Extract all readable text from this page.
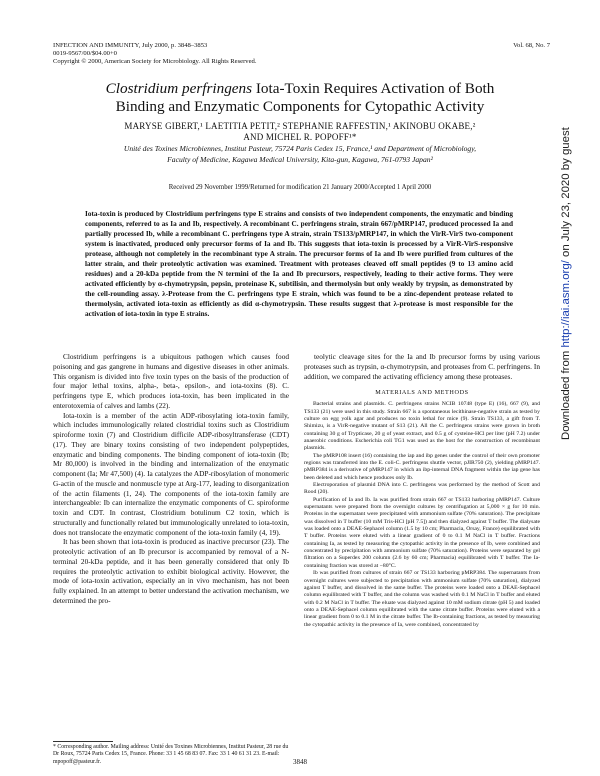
INFECTION AND IMMUNITY, July 2000, p. 3848–3853
0019-9567/00/$04.00+0
Copyright © 2000, American Society for Microbiology. All Rights Reserved.
Vol. 68, No. 7
Clostridium perfringens Iota-Toxin Requires Activation of Both
Binding and Enzymatic Components for Cytopathic Activity
MARYSE GIBERT,¹ LAETITIA PETIT,² STEPHANIE RAFFESTIN,¹ AKINOBU OKABE,²
AND MICHEL R. POPOFF¹*
Unité des Toxines Microbiennes, Institut Pasteur, 75724 Paris Cedex 15, France,¹ and Department of Microbiology,
Faculty of Medicine, Kagawa Medical University, Kita-gun, Kagawa, 761-0793 Japan²
Received 29 November 1999/Returned for modification 21 January 2000/Accepted 1 April 2000
Iota-toxin is produced by Clostridium perfringens type E strains and consists of two independent components, the enzymatic and binding components, referred to as Ia and Ib, respectively. A recombinant C. perfringens strain, strain 667/pMRP147, produced processed Ia and partially processed Ib, while a recombinant C. perfringens type A strain, strain TS133/pMRP147, in which the VirR-VirS two-component system is inactivated, produced only precursor forms of Ia and Ib. This suggests that iota-toxin is processed by a VirR-VirS-responsive protease, although not completely in the recombinant type A strain. The precursor forms of Ia and Ib were purified from cultures of the latter strain, and their proteolytic activation was examined. Treatment with proteases cleaved off small peptides (9 to 13 amino acid residues) and a 20-kDa peptide from the N termini of the Ia and Ib precursors, respectively, leading to their active forms. They were activated efficiently by α-chymotrypsin, pepsin, proteinase K, subtilisin, and thermolysin but only weakly by trypsin, as demonstrated by the cell-rounding assay. λ-Protease from the C. perfringens type E strain, which was found to be a zinc-dependent protease related to thermolysin, activated iota-toxin as efficiently as did α-chymotrypsin. These results suggest that λ-protease is most responsible for the activation of iota-toxin in type E strains.

Clostridium perfringens is a ubiquitous pathogen which causes food poisoning and gas gangrene in humans and digestive diseases in other animals. This organism is divided into five toxin types on the basis of the production of four major lethal toxins, alpha-, beta-, epsilon-, and iota-toxins (8). C. perfringens type E, which produces iota-toxin, has been implicated in the enterotoxemia of calves and lambs (22).

Iota-toxin is a member of the actin ADP-ribosylating iota-toxin family, which includes immunologically related clostridial toxins such as Clostridium spiroforme toxin (7) and Clostridium difficile ADP-ribosyltransferase (CDT) (17). They are binary toxins consisting of two independent polypeptides, enzymatic and binding components. The binding component of iota-toxin (Ib; Mr 80,000) is involved in the binding and internalization of the enzymatic component (Ia; Mr 47,500) (4). Ia catalyzes the ADP-ribosylation of monomeric G-actin of the muscle and nonmuscle type at Arg-177, leading to disorganization of the actin filaments (1, 24). The components of the iota-toxin family are interchangeable: Ib can internalize the enzymatic components of C. spiroforme toxin and CDT. In contrast, Clostridium botulinum C2 toxin, which is structurally and functionally related but immunologically unrelated to iota-toxin, does not translocate the enzymatic component of the iota-toxin family (4, 19).

It has been shown that iota-toxin is produced as inactive precursor (23). The proteolytic activation of an Ib precursor is accompanied by removal of a N-terminal 20-kDa peptide, and it has been generally considered that only Ib requires the proteolytic activation to exhibit biological activity. However, the mode of iota-toxin activation, especially an in vivo mechanism, has not been fully explained. In an attempt to better understand the activation mechanism, we determined the pro-

teolytic cleavage sites for the Ia and Ib precursor forms by using various proteases such as trypsin, α-chymotrypsin, and proteases from C. perfringens. In addition, we compared the activating efficiency among these proteases.

MATERIALS AND METHODS

Bacterial strains and plasmids. C. perfringens strains NCIB 10748 (type E) (16), 667 (9), and TS133 (21) were used in this study. Strain 667 is a spontaneous lecithinase-negative strain as tested by culture on egg yolk agar and produces no toxin lethal for mice (9). Strain TS133, a gift from T. Shimizu, is a VirR-negative mutant of S13 (21). All the C. perfringens strains were grown in broth containing 30 g of Trypticase, 20 g of yeast extract, and 0.5 g of cysteine-HCl per liter (pH 7.2) under anaerobic conditions. Escherichia coli TG1 was used as the host for the construction of recombinant plasmids.

The pMRP108 insert (16) containing the iap and ibp genes under the control of their own promoter regions was transferred into the E. coli-C. perfringens shuttle vector, pJIR750 (2), yielding pMRP147. pMRP384 is a derivative of pMRP147 in which an ibp-internal DNA fragment within the iap gene has been deleted and which hence produces only Ib.

Electroporation of plasmid DNA into C. perfringens was performed by the method of Scott and Rood (20).

Purification of Ia and Ib. Ia was purified from strain 667 or TS133 harboring pMRP147. Culture supernatants were prepared from the overnight cultures by centrifugation at 5,000 × g for 10 min. Proteins in the supernatant were precipitated with ammonium sulfate (70% saturation). The precipitate was dissolved in T buffer (10 mM Tris-HCl [pH 7.5]) and then dialyzed against T buffer. The dialysate was loaded onto a DEAE-Sephacel column (1.5 by 10 cm; Pharmacia, Orsay, France) equilibrated with T buffer. Proteins were eluted with a linear gradient of 0 to 0.1 M NaCl in T buffer. Fractions containing Ia, as tested by measuring the cytopathic activity in the presence of Ib, were combined and concentrated by precipitation with ammonium sulfate (70% saturation). Proteins were separated by gel filtration on a Superdex 200 column (2.6 by 60 cm; Pharmacia) equilibrated with T buffer. The Ia-containing fraction was stored at −80°C.

Ib was purified from cultures of strain 667 or TS133 harboring pMRP384. The supernatants from overnight cultures were subjected to precipitation with ammonium sulfate (70% saturation), dialyzed against T buffer, and dissolved in the same buffer. The proteins were loaded onto a DEAE-Sephacel column equilibrated with T buffer, and the column was washed with 0.1 M NaCl in T buffer and eluted with 0.2 M NaCl in T buffer. The eluate was dialyzed against 10 mM sodium citrate (pH 5) and loaded onto a DEAE-Sephacel column equilibrated with the same citrate buffer. Proteins were eluted with a linear gradient from 0 to 0.1 M in the citrate buffer. The Ib-containing fractions, as tested by measuring the cytopathic activity in the presence of Ia, were combined, concentrated by

* Corresponding author. Mailing address: Unité des Toxines Microbiennes, Institut Pasteur, 28 rue du Dr Roux, 75724 Paris Cedex 15, France. Phone: 33 1 45 68 83 07. Fax: 33 1 40 61 31 23. E-mail: mpopoff@pasteur.fr.	3848
Downloaded from http://iai.asm.org/ on July 23, 2020 by guest
